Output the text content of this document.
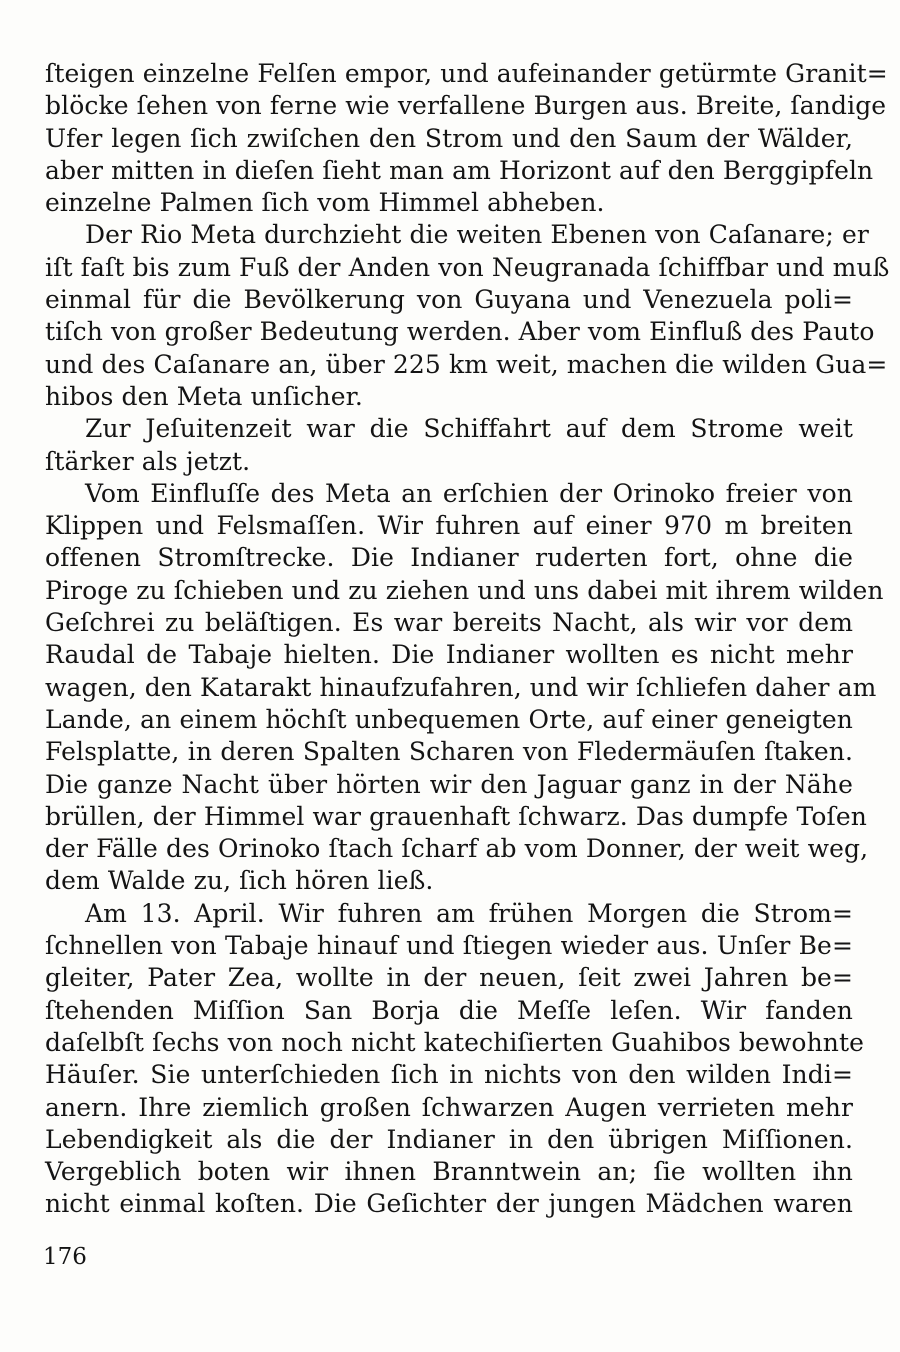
ſteigen einzelne Felſen empor, und aufeinander getürmte Granit=
blöcke ſehen von ferne wie verfallene Burgen aus. Breite, ſandige
Ufer legen ſich zwiſchen den Strom und den Saum der Wälder,
aber mitten in dieſen ſieht man am Horizont auf den Berggipfeln
einzelne Palmen ſich vom Himmel abheben.
Der Rio Meta durchzieht die weiten Ebenen von Caſanare; er
iſt faſt bis zum Fuß der Anden von Neugranada ſchiffbar und muß
einmal für die Bevölkerung von Guyana und Venezuela poli=
tiſch von großer Bedeutung werden. Aber vom Einfluß des Pauto
und des Caſanare an, über 225 km weit, machen die wilden Gua=
hibos den Meta unſicher.
Zur Jeſuitenzeit war die Schiffahrt auf dem Strome weit
ſtärker als jetzt.
Vom Einfluſſe des Meta an erſchien der Orinoko freier von
Klippen und Felsmaſſen. Wir fuhren auf einer 970 m breiten
offenen Stromſtrecke. Die Indianer ruderten fort, ohne die
Piroge zu ſchieben und zu ziehen und uns dabei mit ihrem wilden
Geſchrei zu beläſtigen. Es war bereits Nacht, als wir vor dem
Raudal de Tabaje hielten. Die Indianer wollten es nicht mehr
wagen, den Katarakt hinaufzufahren, und wir ſchliefen daher am
Lande, an einem höchſt unbequemen Orte, auf einer geneigten
Felsplatte, in deren Spalten Scharen von Fledermäuſen ſtaken.
Die ganze Nacht über hörten wir den Jaguar ganz in der Nähe
brüllen, der Himmel war grauenhaft ſchwarz. Das dumpfe Toſen
der Fälle des Orinoko ſtach ſcharf ab vom Donner, der weit weg,
dem Walde zu, ſich hören ließ.
Am 13. April. Wir fuhren am frühen Morgen die Strom=
ſchnellen von Tabaje hinauf und ſtiegen wieder aus. Unſer Be=
gleiter, Pater Zea, wollte in der neuen, ſeit zwei Jahren be=
ſtehenden Miſſion San Borja die Meſſe leſen. Wir fanden
daſelbſt ſechs von noch nicht katechiſierten Guahibos bewohnte
Häuſer. Sie unterſchieden ſich in nichts von den wilden Indi=
anern. Ihre ziemlich großen ſchwarzen Augen verrieten mehr
Lebendigkeit als die der Indianer in den übrigen Miſſionen.
Vergeblich boten wir ihnen Branntwein an; ſie wollten ihn
nicht einmal koſten. Die Geſichter der jungen Mädchen waren
176
